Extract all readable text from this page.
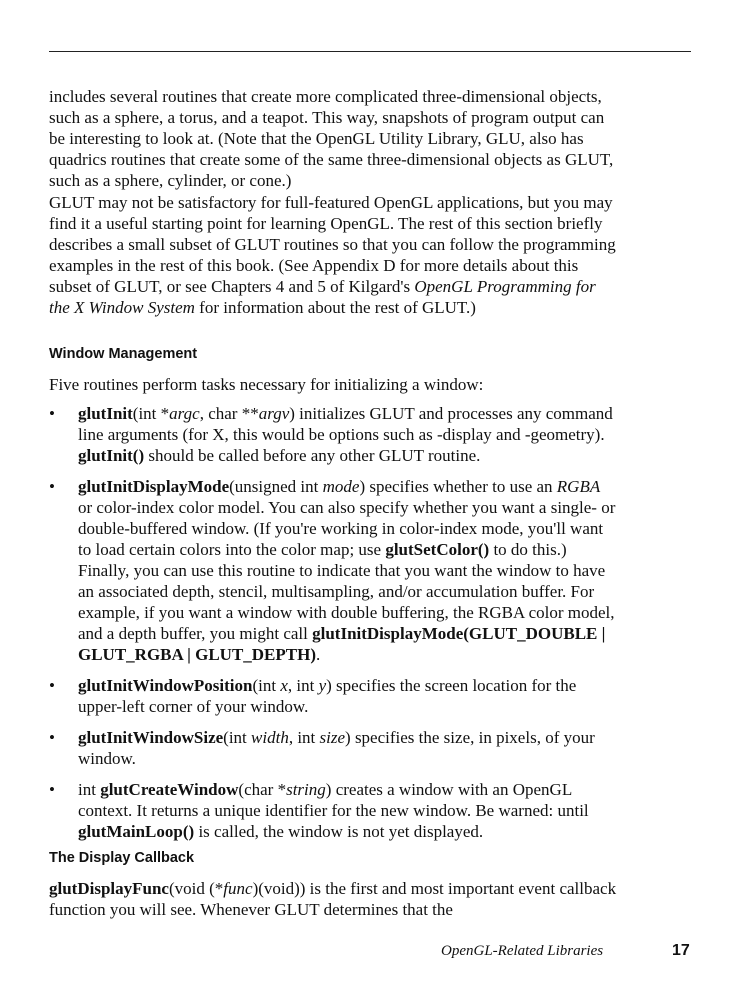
includes several routines that create more complicated three-dimensional objects, such as a sphere, a torus, and a teapot. This way, snapshots of program output can be interesting to look at. (Note that the OpenGL Utility Library, GLU, also has quadrics routines that create some of the same three-dimensional objects as GLUT, such as a sphere, cylinder, or cone.)

GLUT may not be satisfactory for full-featured OpenGL applications, but you may find it a useful starting point for learning OpenGL. The rest of this section briefly describes a small subset of GLUT routines so that you can follow the programming examples in the rest of this book. (See Appendix D for more details about this subset of GLUT, or see Chapters 4 and 5 of Kilgard's OpenGL Programming for the X Window System for information about the rest of GLUT.)

Window Management

Five routines perform tasks necessary for initializing a window:

• glutInit(int *argc, char **argv) initializes GLUT and processes any command line arguments (for X, this would be options such as -display and -geometry). glutInit() should be called before any other GLUT routine.
• glutInitDisplayMode(unsigned int mode) specifies whether to use an RGBA or color-index color model. You can also specify whether you want a single- or double-buffered window. (If you're working in color-index mode, you'll want to load certain colors into the color map; use glutSetColor() to do this.) Finally, you can use this routine to indicate that you want the window to have an associated depth, stencil, multisampling, and/or accumulation buffer. For example, if you want a window with double buffering, the RGBA color model, and a depth buffer, you might call glutInitDisplayMode(GLUT_DOUBLE | GLUT_RGBA | GLUT_DEPTH).
• glutInitWindowPosition(int x, int y) specifies the screen location for the upper-left corner of your window.
• glutInitWindowSize(int width, int size) specifies the size, in pixels, of your window.
• int glutCreateWindow(char *string) creates a window with an OpenGL context. It returns a unique identifier for the new window. Be warned: until glutMainLoop() is called, the window is not yet displayed.
The Display Callback

glutDisplayFunc(void (*func)(void)) is the first and most important event callback function you will see. Whenever GLUT determines that the

OpenGL-Related Libraries	17
